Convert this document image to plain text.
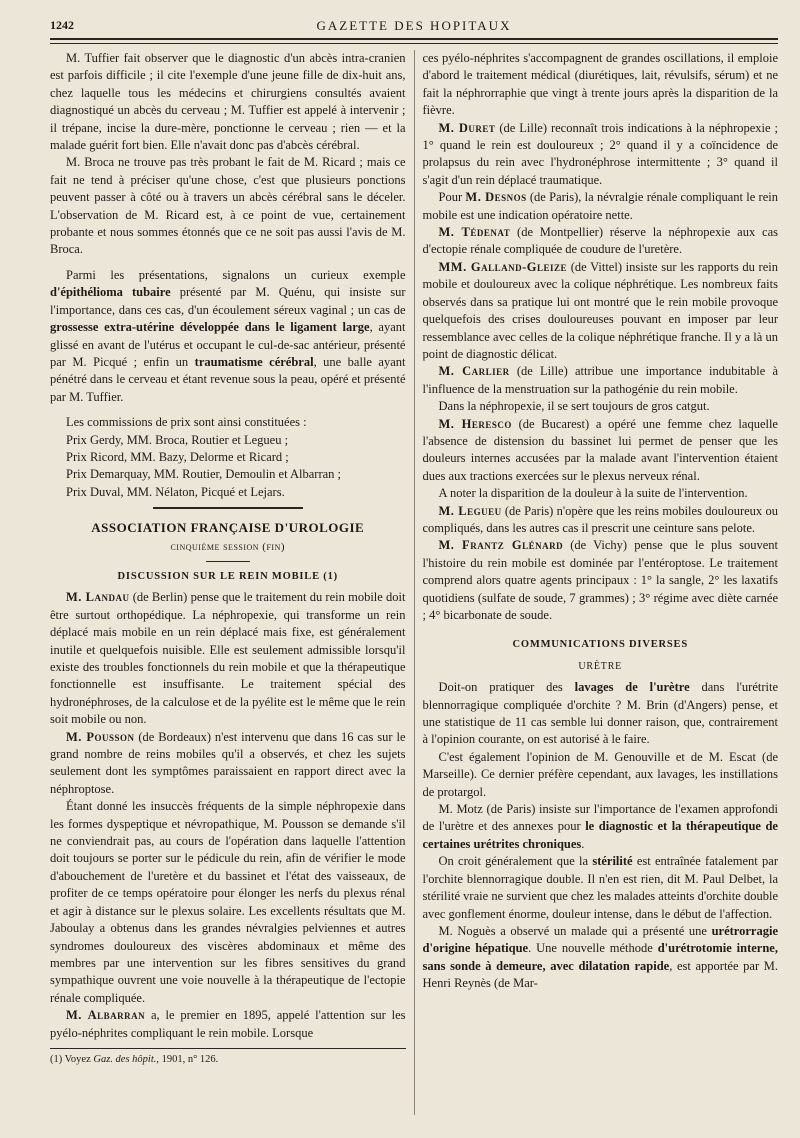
1242	GAZETTE DES HOPITAUX

M. Tuffier fait observer que le diagnostic d'un abcès intra-cranien est parfois difficile ; il cite l'exemple d'une jeune fille de dix-huit ans, chez laquelle tous les médecins et chirurgiens consultés avaient diagnostiqué un abcès du cerveau ; M. Tuffier est appelé à intervenir ; il trépane, incise la dure-mère, ponctionne le cerveau ; rien — et la malade guérit fort bien. Elle n'avait donc pas d'abcès cérébral.

M. Broca ne trouve pas très probant le fait de M. Ricard ; mais ce fait ne tend à préciser qu'une chose, c'est que plusieurs ponctions peuvent passer à côté ou à travers un abcès cérébral sans le déceler. L'observation de M. Ricard est, à ce point de vue, certainement probante et nous sommes étonnés que ce ne soit pas aussi l'avis de M. Broca.

Parmi les présentations, signalons un curieux exemple d'épithélioma tubaire présenté par M. Quénu, qui insiste sur l'importance, dans ces cas, d'un écoulement séreux vaginal ; un cas de grossesse extra-utérine développée dans le ligament large, ayant glissé en avant de l'utérus et occupant le cul-de-sac antérieur, présenté par M. Picqué ; enfin un traumatisme cérébral, une balle ayant pénétré dans le cerveau et étant revenue sous la peau, opéré et présenté par M. Tuffier.

Les commissions de prix sont ainsi constituées :

Prix Gerdy, MM. Broca, Routier et Legueu ;

Prix Ricord, MM. Bazy, Delorme et Ricard ;

Prix Demarquay, MM. Routier, Demoulin et Albarran ;

Prix Duval, MM. Nélaton, Picqué et Lejars.

ASSOCIATION FRANÇAISE D'UROLOGIE
cinquième session (fin)
DISCUSSION SUR LE REIN MOBILE (1)

M. Landau (de Berlin) pense que le traitement du rein mobile doit être surtout orthopédique. La néphropexie, qui transforme un rein déplacé mais mobile en un rein déplacé mais fixe, est généralement inutile et quelquefois nuisible. Elle est seulement admissible lorsqu'il existe des troubles fonctionnels du rein mobile et que la thérapeutique fonctionnelle est insuffisante. Le traitement spécial des hydronéphroses, de la calculose et de la pyélite est le même que le rein soit mobile ou non.

M. Pousson (de Bordeaux) n'est intervenu que dans 16 cas sur le grand nombre de reins mobiles qu'il a observés, et chez les sujets seulement dont les symptômes paraissaient en rapport direct avec la néphroptose.

Étant donné les insuccès fréquents de la simple néphropexie dans les formes dyspeptique et névropathique, M. Pousson se demande s'il ne conviendrait pas, au cours de l'opération dans laquelle l'attention doit toujours se porter sur le pédicule du rein, afin de vérifier le mode d'abouchement de l'uretère et du bassinet et l'état des vaisseaux, de profiter de ce temps opératoire pour élonger les nerfs du plexus rénal et agir à distance sur le plexus solaire. Les excellents résultats que M. Jaboulay a obtenus dans les grandes névralgies pelviennes et autres syndromes douloureux des viscères abdominaux et même des membres par une intervention sur les fibres sensitives du grand sympathique ouvrent une voie nouvelle à la thérapeutique de l'ectopie rénale compliquée.

M. Albarran a, le premier en 1895, appelé l'attention sur les pyélo-néphrites compliquant le rein mobile. Lorsque

(1) Voyez Gaz. des hôpit., 1901, n° 126.

ces pyélo-néphrites s'accompagnent de grandes oscillations, il emploie d'abord le traitement médical (diurétiques, lait, révulsifs, sérum) et ne fait la néphrorraphie que vingt à trente jours après la disparition de la fièvre.

M. Duret (de Lille) reconnaît trois indications à la néphropexie ; 1° quand le rein est douloureux ; 2° quand il y a coïncidence de prolapsus du rein avec l'hydronéphrose intermittente ; 3° quand il s'agit d'un rein déplacé traumatique.

Pour M. Desnos (de Paris), la névralgie rénale compliquant le rein mobile est une indication opératoire nette.

M. Tédenat (de Montpellier) réserve la néphropexie aux cas d'ectopie rénale compliquée de coudure de l'uretère.

MM. Galland-Gleize (de Vittel) insiste sur les rapports du rein mobile et douloureux avec la colique néphrétique. Les nombreux faits observés dans sa pratique lui ont montré que le rein mobile provoque quelquefois des crises douloureuses pouvant en imposer par leur ressemblance avec celles de la colique néphrétique franche. Il y a là un point de diagnostic délicat.

M. Carlier (de Lille) attribue une importance indubitable à l'influence de la menstruation sur la pathogénie du rein mobile.

Dans la néphropexie, il se sert toujours de gros catgut.

M. Heresco (de Bucarest) a opéré une femme chez laquelle l'absence de distension du bassinet lui permet de penser que les douleurs internes accusées par la malade avant l'intervention étaient dues aux tractions exercées sur le plexus nerveux rénal.

A noter la disparition de la douleur à la suite de l'intervention.

M. Legueu (de Paris) n'opère que les reins mobiles douloureux ou compliqués, dans les autres cas il prescrit une ceinture sans pelote.

M. Frantz Glénard (de Vichy) pense que le plus souvent l'histoire du rein mobile est dominée par l'entéroptose. Le traitement comprend alors quatre agents principaux : 1° la sangle, 2° les laxatifs quotidiens (sulfate de soude, 7 grammes) ; 3° régime avec diète carnée ; 4° bicarbonate de soude.

COMMUNICATIONS DIVERSES
URÈTRE

Doit-on pratiquer des lavages de l'urètre dans l'urétrite blennorragique compliquée d'orchite ? M. Brin (d'Angers) pense, et une statistique de 11 cas semble lui donner raison, que, contrairement à l'opinion courante, on est autorisé à le faire.

C'est également l'opinion de M. Genouville et de M. Escat (de Marseille). Ce dernier préfère cependant, aux lavages, les instillations de protargol.

M. Motz (de Paris) insiste sur l'importance de l'examen approfondi de l'urètre et des annexes pour le diagnostic et la thérapeutique de certaines urétrites chroniques.

On croit généralement que la stérilité est entraînée fatalement par l'orchite blennorragique double. Il n'en est rien, dit M. Paul Delbet, la stérilité vraie ne survient que chez les malades atteints d'orchite double avec gonflement énorme, douleur intense, dans le début de l'affection.

M. Noguès a observé un malade qui a présenté une urétrorragie d'origine hépatique. Une nouvelle méthode d'urétrotomie interne, sans sonde à demeure, avec dilatation rapide, est apportée par M. Henri Reynès (de Mar-
